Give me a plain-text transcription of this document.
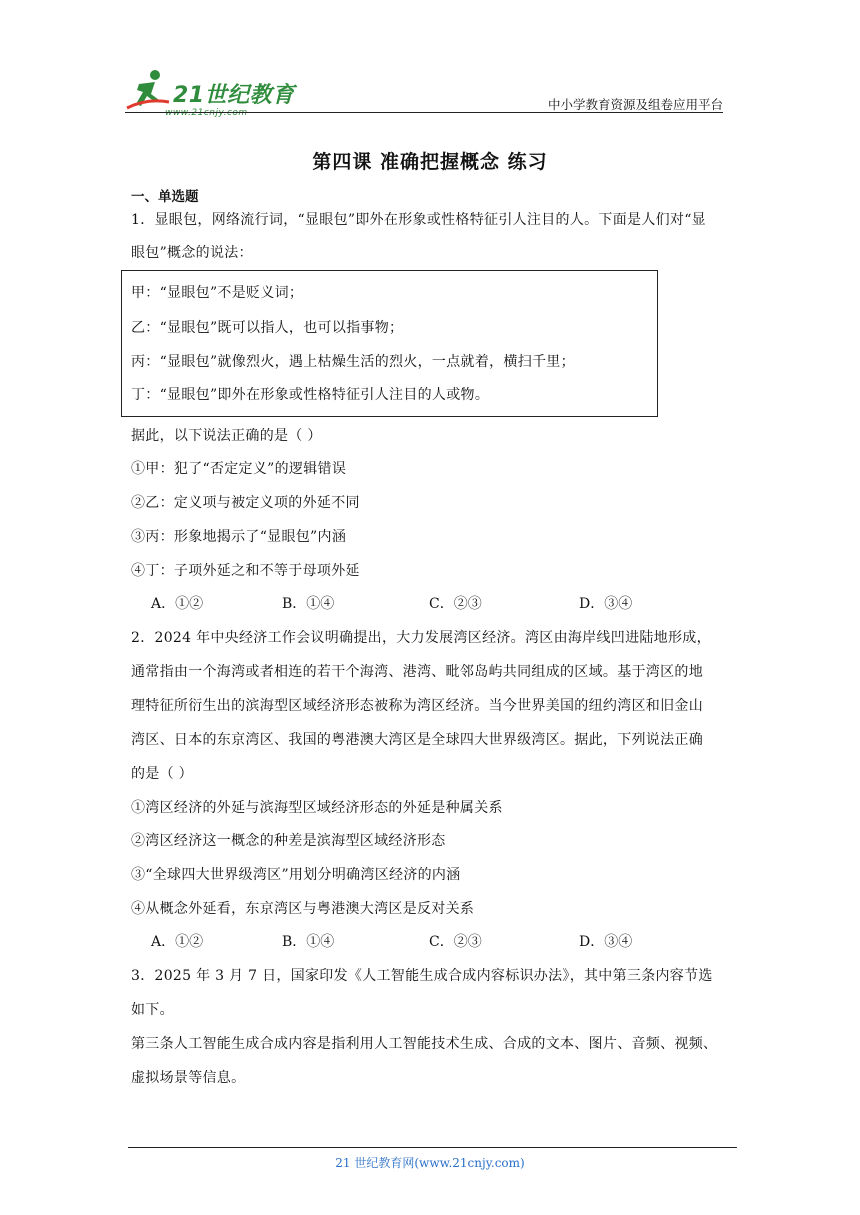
21世纪教育
www.21cnjy.com
中小学教育资源及组卷应用平台
第四课 准确把握概念 练习
一、单选题
1．显眼包，网络流行词，“显眼包”即外在形象或性格特征引人注目的人。下面是人们对“显
眼包”概念的说法：
甲：“显眼包”不是贬义词；
乙：“显眼包”既可以指人，也可以指事物；
丙：“显眼包”就像烈火，遇上枯燥生活的烈火，一点就着，横扫千里；
丁：“显眼包”即外在形象或性格特征引人注目的人或物。
据此，以下说法正确的是（ ）
①甲：犯了“否定定义”的逻辑错误
②乙：定义项与被定义项的外延不同
③丙：形象地揭示了“显眼包”内涵
④丁：子项外延之和不等于母项外延
A．①②	B．①④	C．②③	D．③④
2．2024 年中央经济工作会议明确提出，大力发展湾区经济。湾区由海岸线凹进陆地形成，
通常指由一个海湾或者相连的若干个海湾、港湾、毗邻岛屿共同组成的区域。基于湾区的地
理特征所衍生出的滨海型区域经济形态被称为湾区经济。当今世界美国的纽约湾区和旧金山
湾区、日本的东京湾区、我国的粤港澳大湾区是全球四大世界级湾区。据此，下列说法正确
的是（ ）
①湾区经济的外延与滨海型区域经济形态的外延是种属关系
②湾区经济这一概念的种差是滨海型区域经济形态
③“全球四大世界级湾区”用划分明确湾区经济的内涵
④从概念外延看，东京湾区与粤港澳大湾区是反对关系
A．①②	B．①④	C．②③	D．③④
3．2025 年 3 月 7 日，国家印发《人工智能生成合成内容标识办法》，其中第三条内容节选
如下。
第三条人工智能生成合成内容是指利用人工智能技术生成、合成的文本、图片、音频、视频、
虚拟场景等信息。
21 世纪教育网(www.21cnjy.com)
